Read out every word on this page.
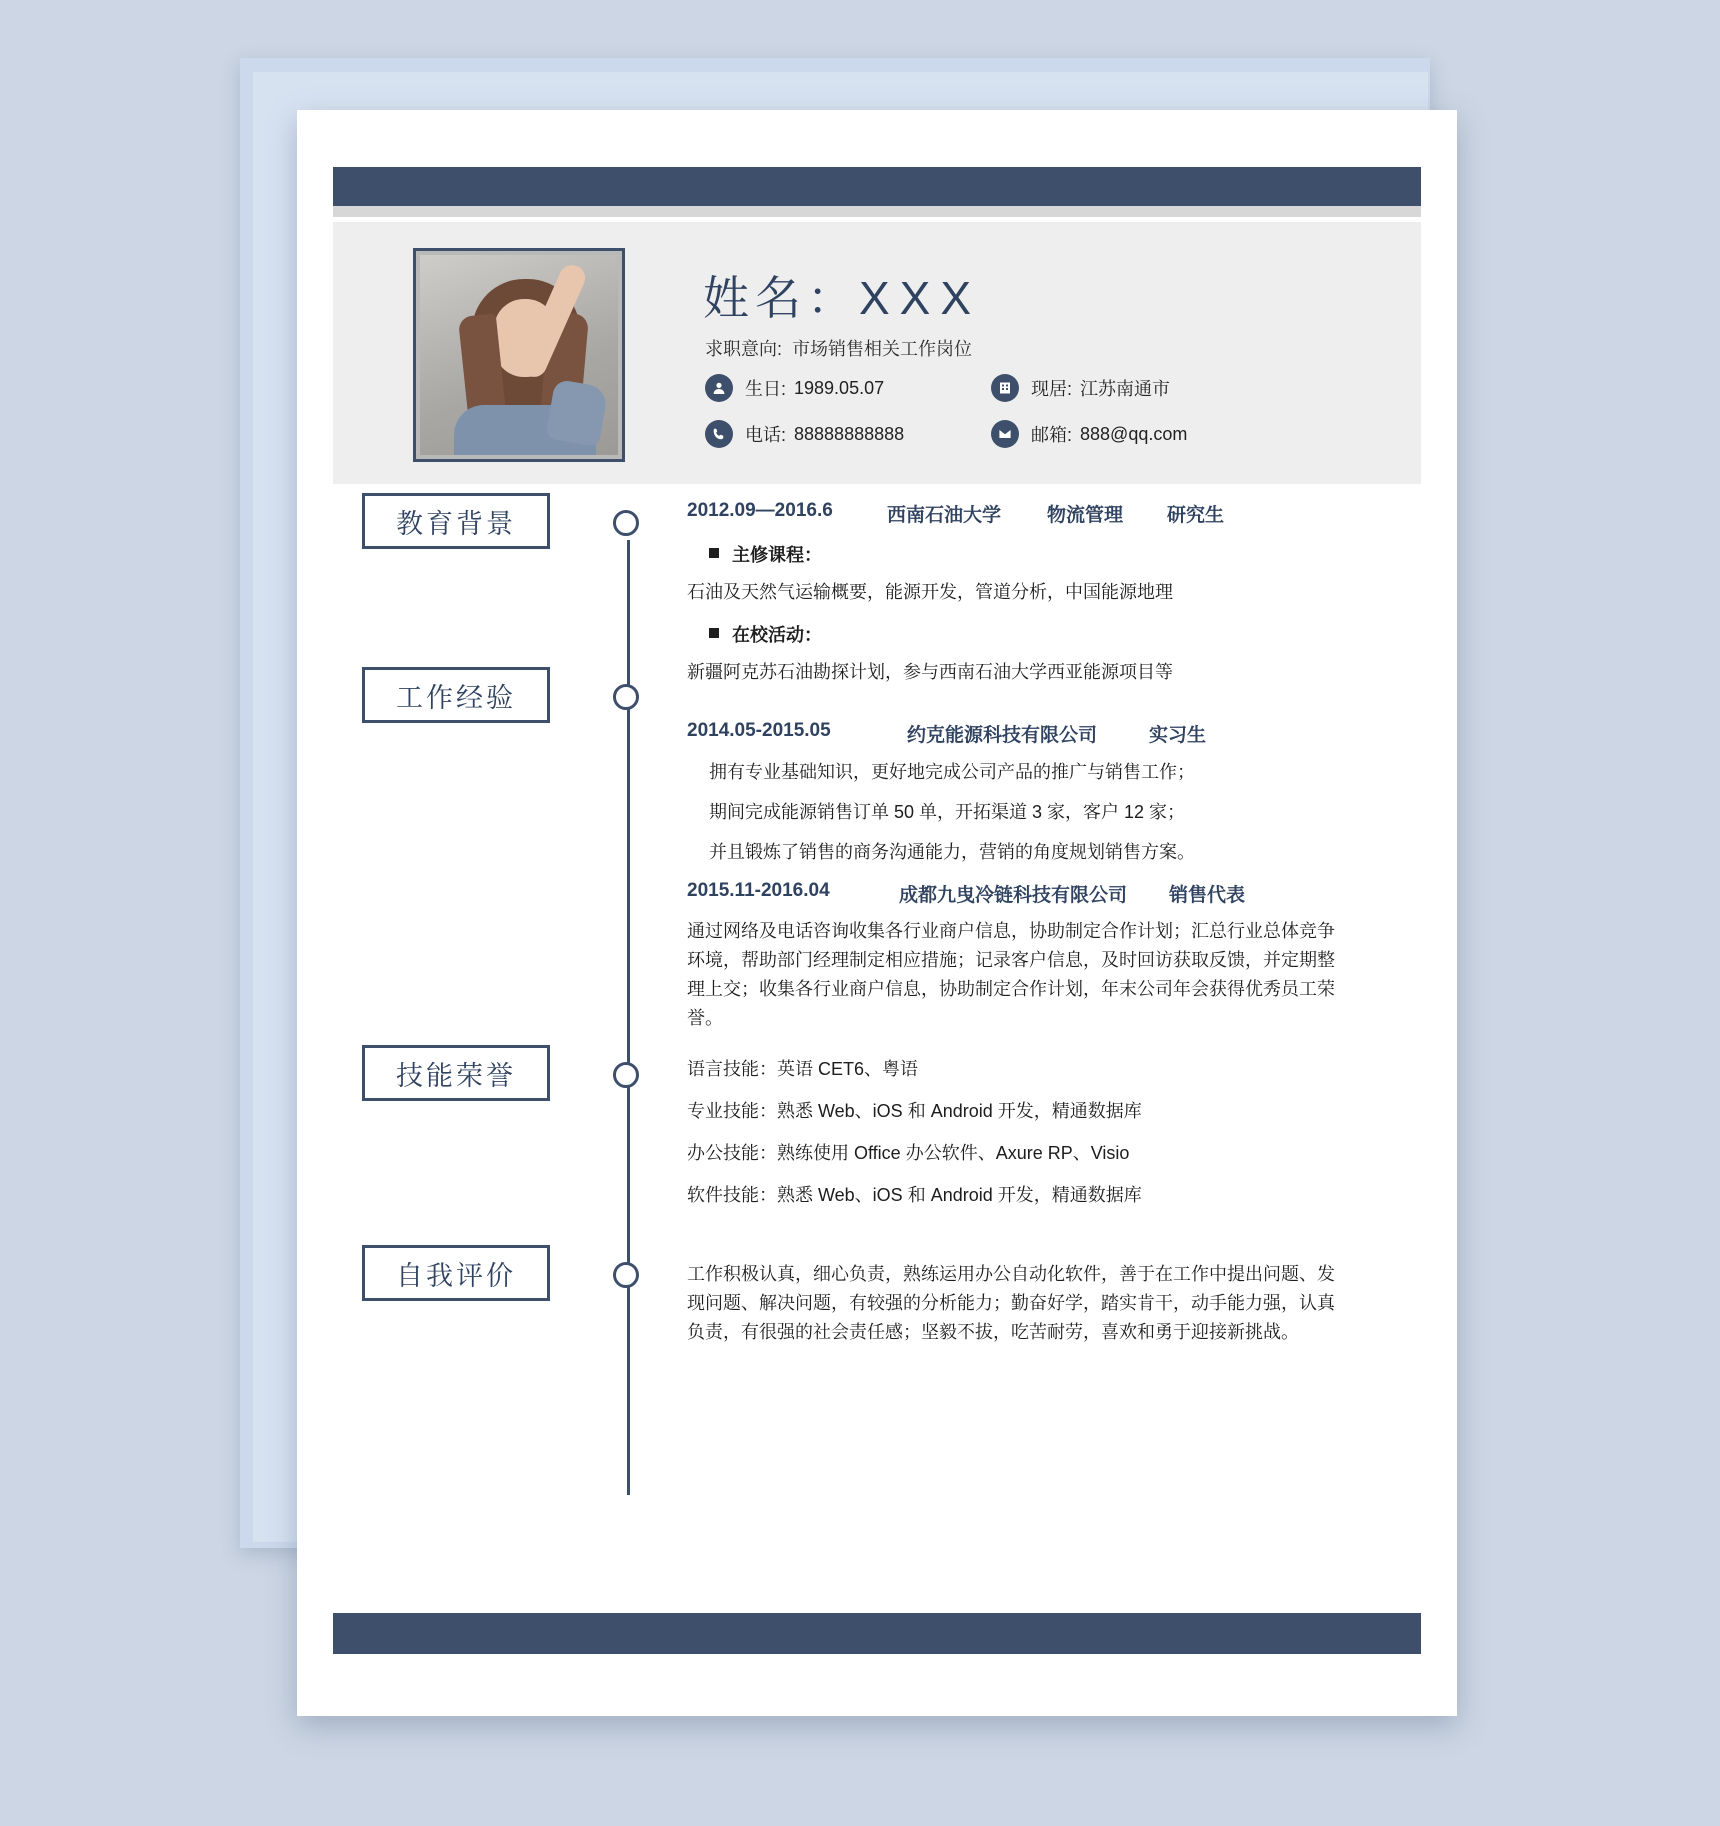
姓名：XXX
求职意向: 市场销售相关工作岗位
生日: 1989.05.07	现居: 江苏南通市
电话: 88888888888	邮箱: 888@qq.com
教育背景
工作经验
技能荣誉
自我评价
2012.09—2016.6	西南石油大学	物流管理	研究生
主修课程：
石油及天然气运输概要，能源开发，管道分析，中国能源地理
在校活动：
新疆阿克苏石油勘探计划，参与西南石油大学西亚能源项目等
2014.05-2015.05	约克能源科技有限公司	实习生
拥有专业基础知识，更好地完成公司产品的推广与销售工作；
期间完成能源销售订单 50 单，开拓渠道 3 家，客户 12 家；
并且锻炼了销售的商务沟通能力，营销的角度规划销售方案。
2015.11-2016.04	成都九曳冷链科技有限公司	销售代表
通过网络及电话咨询收集各行业商户信息，协助制定合作计划；汇总行业总体竞争环境，帮助部门经理制定相应措施；记录客户信息，及时回访获取反馈，并定期整理上交；收集各行业商户信息，协助制定合作计划，年末公司年会获得优秀员工荣誉。
语言技能：英语 CET6、粤语
专业技能：熟悉 Web、iOS 和 Android 开发，精通数据库
办公技能：熟练使用 Office 办公软件、Axure RP、Visio
软件技能：熟悉 Web、iOS 和 Android 开发，精通数据库
工作积极认真，细心负责，熟练运用办公自动化软件，善于在工作中提出问题、发现问题、解决问题，有较强的分析能力；勤奋好学，踏实肯干，动手能力强，认真负责，有很强的社会责任感；坚毅不拔，吃苦耐劳，喜欢和勇于迎接新挑战。
